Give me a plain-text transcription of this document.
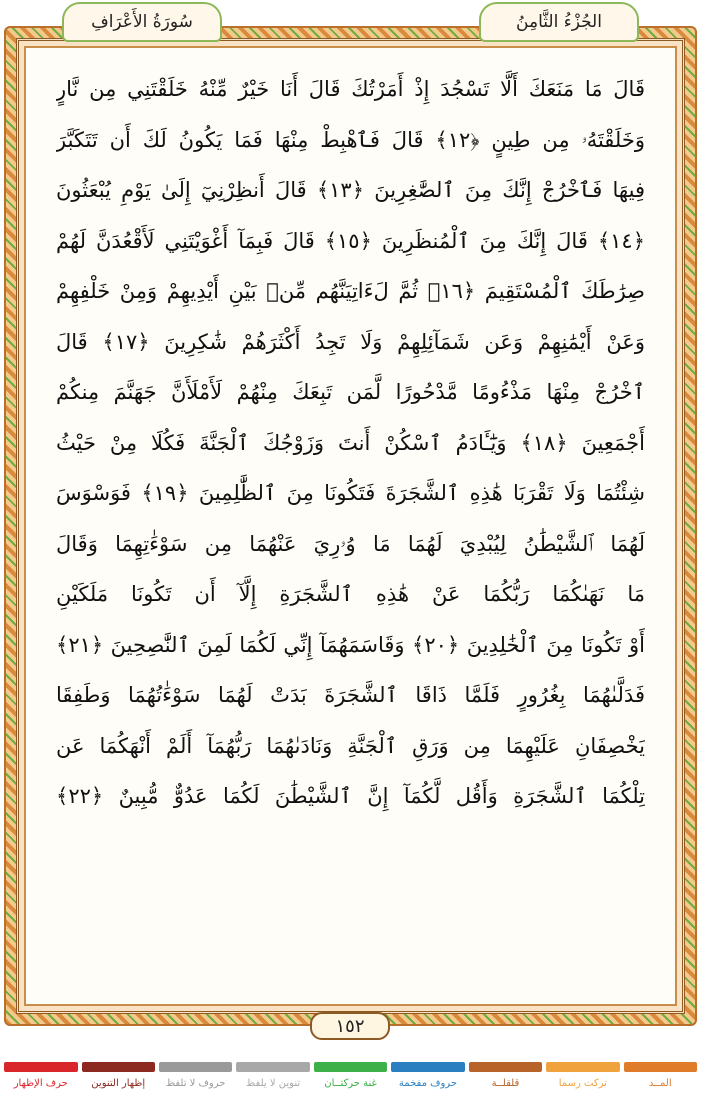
الجُزْءُ الثَّامِنُ
سُورَةُ الأَعْرَافِ
قَالَ مَا مَنَعَكَ أَلَّا تَسْجُدَ إِذْ أَمَرْتُكَ قَالَ أَنَا خَيْرٌ مِّنْهُ خَلَقْتَنِي مِن نَّارٍ
وَخَلَقْتَهُۥ مِن طِينٍ ﴿١٢﴾ قَالَ فَٱهْبِطْ مِنْهَا فَمَا يَكُونُ لَكَ أَن تَتَكَبَّرَ
فِيهَا فَٱخْرُجْ إِنَّكَ مِنَ ٱلصَّٰغِرِينَ ﴿١٣﴾ قَالَ أَنظِرْنِيٓ إِلَىٰ يَوْمِ يُبْعَثُونَ
﴿١٤﴾ قَالَ إِنَّكَ مِنَ ٱلْمُنظَرِينَ ﴿١٥﴾ قَالَ فَبِمَآ أَغْوَيْتَنِي لَأَقْعُدَنَّ لَهُمْ
صِرَٰطَكَ ٱلْمُسْتَقِيمَ ﴿١٦﴾ ثُمَّ لَءَاتِيَنَّهُم مِّنۢ بَيْنِ أَيْدِيهِمْ وَمِنْ خَلْفِهِمْ
وَعَنْ أَيْمَٰنِهِمْ وَعَن شَمَآئِلِهِمْ وَلَا تَجِدُ أَكْثَرَهُمْ شَٰكِرِينَ ﴿١٧﴾ قَالَ
ٱخْرُجْ مِنْهَا مَذْءُومًا مَّدْحُورًا لَّمَن تَبِعَكَ مِنْهُمْ لَأَمْلَأَنَّ جَهَنَّمَ مِنكُمْ
أَجْمَعِينَ ﴿١٨﴾ وَيَٰٓـَٔادَمُ ٱسْكُنْ أَنتَ وَزَوْجُكَ ٱلْجَنَّةَ فَكُلَا مِنْ حَيْثُ
شِئْتُمَا وَلَا تَقْرَبَا هَٰذِهِ ٱلشَّجَرَةَ فَتَكُونَا مِنَ ٱلظَّٰلِمِينَ ﴿١٩﴾ فَوَسْوَسَ
لَهُمَا ٱلشَّيْطَٰنُ لِيُبْدِيَ لَهُمَا مَا وُۥرِيَ عَنْهُمَا مِن سَوْءَٰتِهِمَا وَقَالَ
مَا نَهَىٰكُمَا رَبُّكُمَا عَنْ هَٰذِهِ ٱلشَّجَرَةِ إِلَّآ أَن تَكُونَا مَلَكَيْنِ
أَوْ تَكُونَا مِنَ ٱلْخَٰلِدِينَ ﴿٢٠﴾ وَقَاسَمَهُمَآ إِنِّي لَكُمَا لَمِنَ ٱلنَّٰصِحِينَ ﴿٢١﴾
فَدَلَّىٰهُمَا بِغُرُورٍ فَلَمَّا ذَاقَا ٱلشَّجَرَةَ بَدَتْ لَهُمَا سَوْءَٰتُهُمَا وَطَفِقَا
يَخْصِفَانِ عَلَيْهِمَا مِن وَرَقِ ٱلْجَنَّةِ وَنَادَىٰهُمَا رَبُّهُمَآ أَلَمْ أَنْهَكُمَا عَن
تِلْكُمَا ٱلشَّجَرَةِ وَأَقُل لَّكُمَآ إِنَّ ٱلشَّيْطَٰنَ لَكُمَا عَدُوٌّ مُّبِينٌ ﴿٢٢﴾
١٥٢
المــد
تركت رسما
قلقلــة
حروف مفخمة
غنة حركتــان
تنوين لا يلفظ
حروف لا تلفظ
إظهار التنوين
حرف الإظهار
